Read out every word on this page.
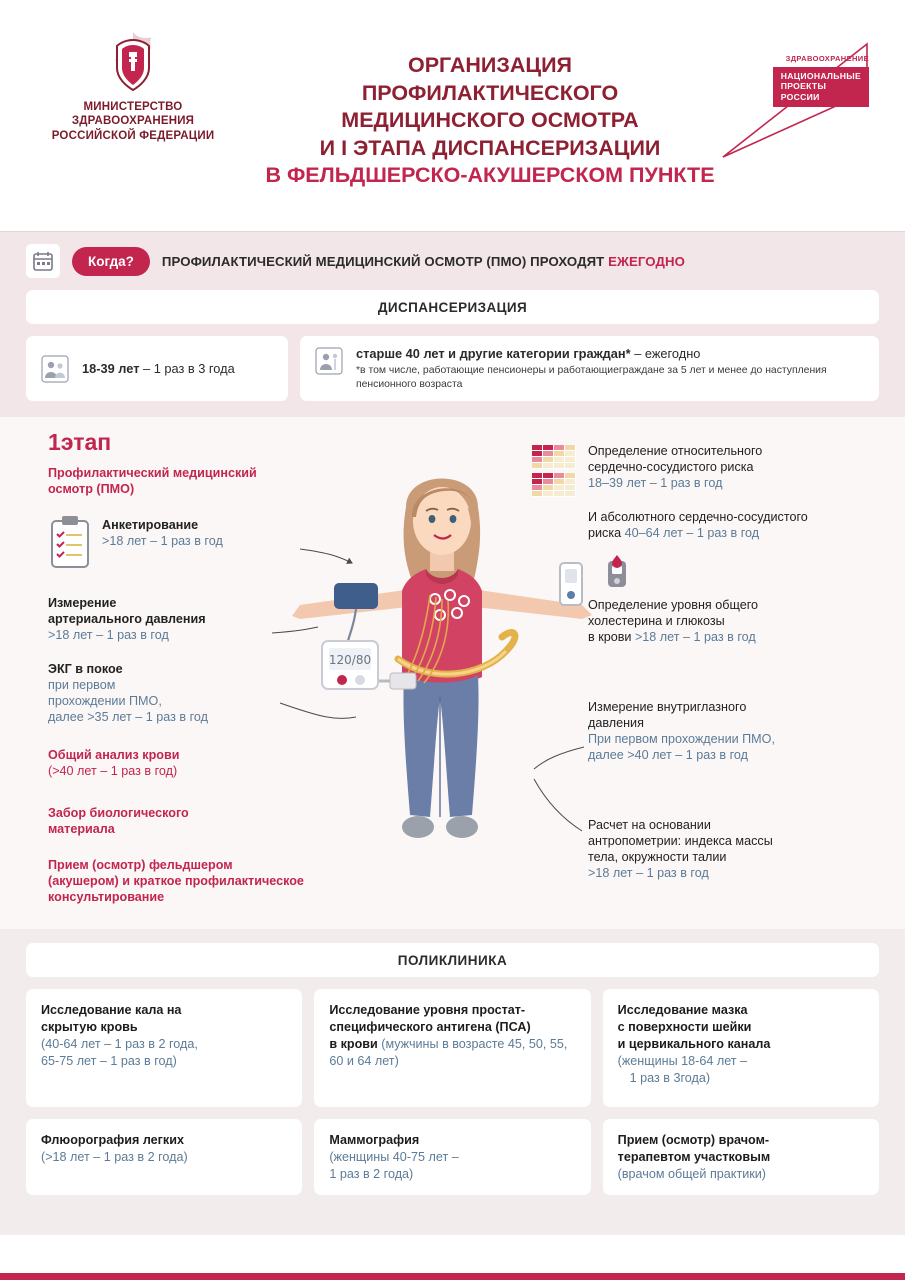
МИНИСТЕРСТВО
ЗДРАВООХРАНЕНИЯ
РОССИЙСКОЙ ФЕДЕРАЦИИ
ОРГАНИЗАЦИЯ
ПРОФИЛАКТИЧЕСКОГО
МЕДИЦИНСКОГО ОСМОТРА
И I ЭТАПА ДИСПАНСЕРИЗАЦИИ
В ФЕЛЬДШЕРСКО-АКУШЕРСКОМ ПУНКТЕ
ЗДРАВООХРАНЕНИЕ
НАЦИОНАЛЬНЫЕ
ПРОЕКТЫ
РОССИИ
Когда?	ПРОФИЛАКТИЧЕСКИЙ МЕДИЦИНСКИЙ ОСМОТР (ПМО) ПРОХОДЯТ ЕЖЕГОДНО
ДИСПАНСЕРИЗАЦИЯ
18-39 лет – 1 раз в 3 года
старше 40 лет и другие категории граждан* – ежегодно
*в том числе, работающие пенсионеры и работающиеграждане за 5 лет и менее до наступления пенсионного возраста
1этап
Профилактический медицинский
осмотр (ПМО)
120/80
Анкетирование
>18 лет – 1 раз в год
Измерение
артериального давления
>18 лет – 1 раз в год
ЭКГ в покое
при первом
прохождении ПМО,
далее >35 лет – 1 раз в год
Общий анализ крови
(>40 лет – 1 раз в год)
Забор биологического
материала
Прием (осмотр) фельдшером
(акушером) и краткое профилактическое
консультирование
Определение относительного
сердечно-сосудистого риска
18–39 лет – 1 раз в год
И абсолютного сердечно-сосудистого
риска 40–64 лет – 1 раз в год
Определение уровня общего
холестерина и глюкозы
в крови >18 лет – 1 раз в год
Измерение внутриглазного
давления
При первом прохождении ПМО,
далее >40 лет – 1 раз в год
Расчет на основании
антропометрии: индекса массы
тела, окружности талии
>18 лет – 1 раз в год
ПОЛИКЛИНИКА
Исследование кала на
скрытую кровь
(40-64 лет – 1 раз в 2 года,
65-75 лет – 1 раз в год)
Исследование уровня простат-
специфического антигена (ПСА)
в крови (мужчины в возрасте 45, 50, 55, 60 и 64 лет)
Исследование мазка
с поверхности шейки
и цервикального канала
(женщины 18-64 лет –
1 раз в 3года)
Флюорография легких
(>18 лет – 1 раз в 2 года)
Маммография
(женщины 40-75 лет –
1 раз в 2 года)
Прием (осмотр) врачом-
терапевтом участковым
(врачом общей практики)
